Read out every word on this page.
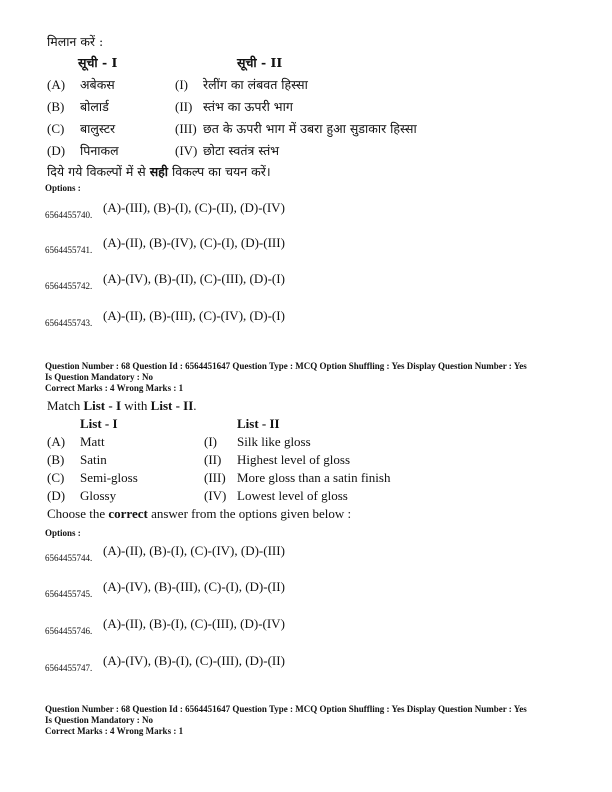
मिलान करें :
सूची - I	सूची - II
(A) अबेकस	(I) रेलींग का लंबवत हिस्सा
(B) बोलार्ड	(II) स्तंभ का ऊपरी भाग
(C) बालुस्टर	(III) छत के ऊपरी भाग में उबरा हुआ सुडाकार हिस्सा
(D) पिनाकल	(IV) छोटा स्वतंत्र स्तंभ
दिये गये विकल्पों में से सही विकल्प का चयन करें।
Options :
6564455740. (A)-(III), (B)-(I), (C)-(II), (D)-(IV)
6564455741. (A)-(II), (B)-(IV), (C)-(I), (D)-(III)
6564455742. (A)-(IV), (B)-(II), (C)-(III), (D)-(I)
6564455743. (A)-(II), (B)-(III), (C)-(IV), (D)-(I)
Question Number : 68 Question Id : 6564451647 Question Type : MCQ Option Shuffling : Yes Display Question Number : Yes
Is Question Mandatory : No
Correct Marks : 4 Wrong Marks : 1
Match List - I with List - II.
List - I	List - II
(A) Matt	(I) Silk like gloss
(B) Satin	(II) Highest level of gloss
(C) Semi-gloss	(III) More gloss than a satin finish
(D) Glossy	(IV) Lowest level of gloss
Choose the correct answer from the options given below :
Options :
6564455744. (A)-(II), (B)-(I), (C)-(IV), (D)-(III)
6564455745. (A)-(IV), (B)-(III), (C)-(I), (D)-(II)
6564455746. (A)-(II), (B)-(I), (C)-(III), (D)-(IV)
6564455747. (A)-(IV), (B)-(I), (C)-(III), (D)-(II)
Question Number : 68 Question Id : 6564451647 Question Type : MCQ Option Shuffling : Yes Display Question Number : Yes
Is Question Mandatory : No
Correct Marks : 4 Wrong Marks : 1
